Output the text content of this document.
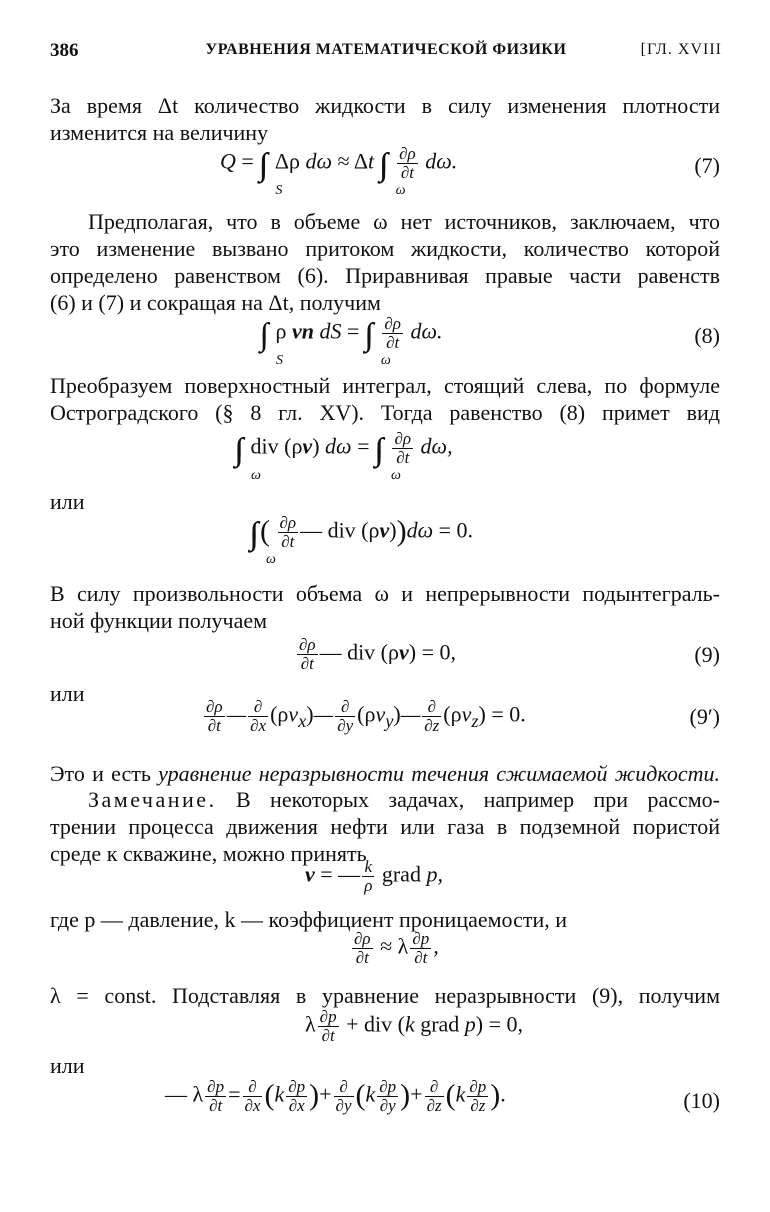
386	УРАВНЕНИЯ МАТЕМАТИЧЕСКОЙ ФИЗИКИ	[ГЛ. XVIII
За время Δt количество жидкости в силу изменения плотности
изменится на величину
Q =
S
Δρ dω ≈ Δt
ω

$\frac{\partial\rho}{\partial t} d\omega$.	(7)
Предполагая, что в объеме ω нет источников, заключаем, что
это изменение вызвано притоком жидкости, количество которой
определено равенством (6). Приравнивая правые части равенств
(6) и (7) и сокращая на Δt, получим
S
ρ vn dS =
ω

$\frac{\partial\rho}{\partial t} d\omega$.	(8)
Преобразуем поверхностный интеграл, стоящий слева, по формуле
Остроградского (§ 8 гл. XV). Тогда равенство (8) примет вид
ω
div (ρv) dω =
ω

$\frac{\partial\rho}{\partial t} d\omega$,
или
ω
( $\frac{\partial\rho}{\partial t}$ — div (ρv))dω = 0.
В силу произвольности объема ω и непрерывности подынтеграль-
ной функции получаем
$\frac{\partial\rho}{\partial t}$ — div (ρv) = 0,	(9)
или
$\frac{\partial\rho}{\partial t}$ — $\frac{\partial}{\partial x}$ $(\rho v_x)— \frac{\partial}{\partial y}$ $(\rho v_y)— \frac{\partial}{\partial z} (\rho v_z) = 0$.	(9′)
Это и есть уравнение неразрывности течения сжимаемой жидкости.
Замечание. В некоторых задачах, например при рассмо-
трении процесса движения нефти или газа в подземной пористой
среде к скважине, можно принять
v = — $\frac{k}{\rho}$ grad p,
где p — давление, k — коэффициент проницаемости, и
$\frac{\partial\rho}{\partial t} \approx \lambda \frac{\partial p}{\partial t}$ ,
λ = const. Подставляя в уравнение неразрывности (9), получим
λ $\frac{\partial p}{\partial t}$ + div (k grad p) = 0,
или
— λ $\frac{\partial p}{\partial t} = \frac{\partial}{\partial x} (k \frac{\partial p}{\partial x}$ )+ $\frac{\partial}{\partial y} (k \frac{\partial p}{\partial y}$ )+ $\frac{\partial}{\partial z} (k \frac{\partial p}{\partial z}$ ).	(10)
